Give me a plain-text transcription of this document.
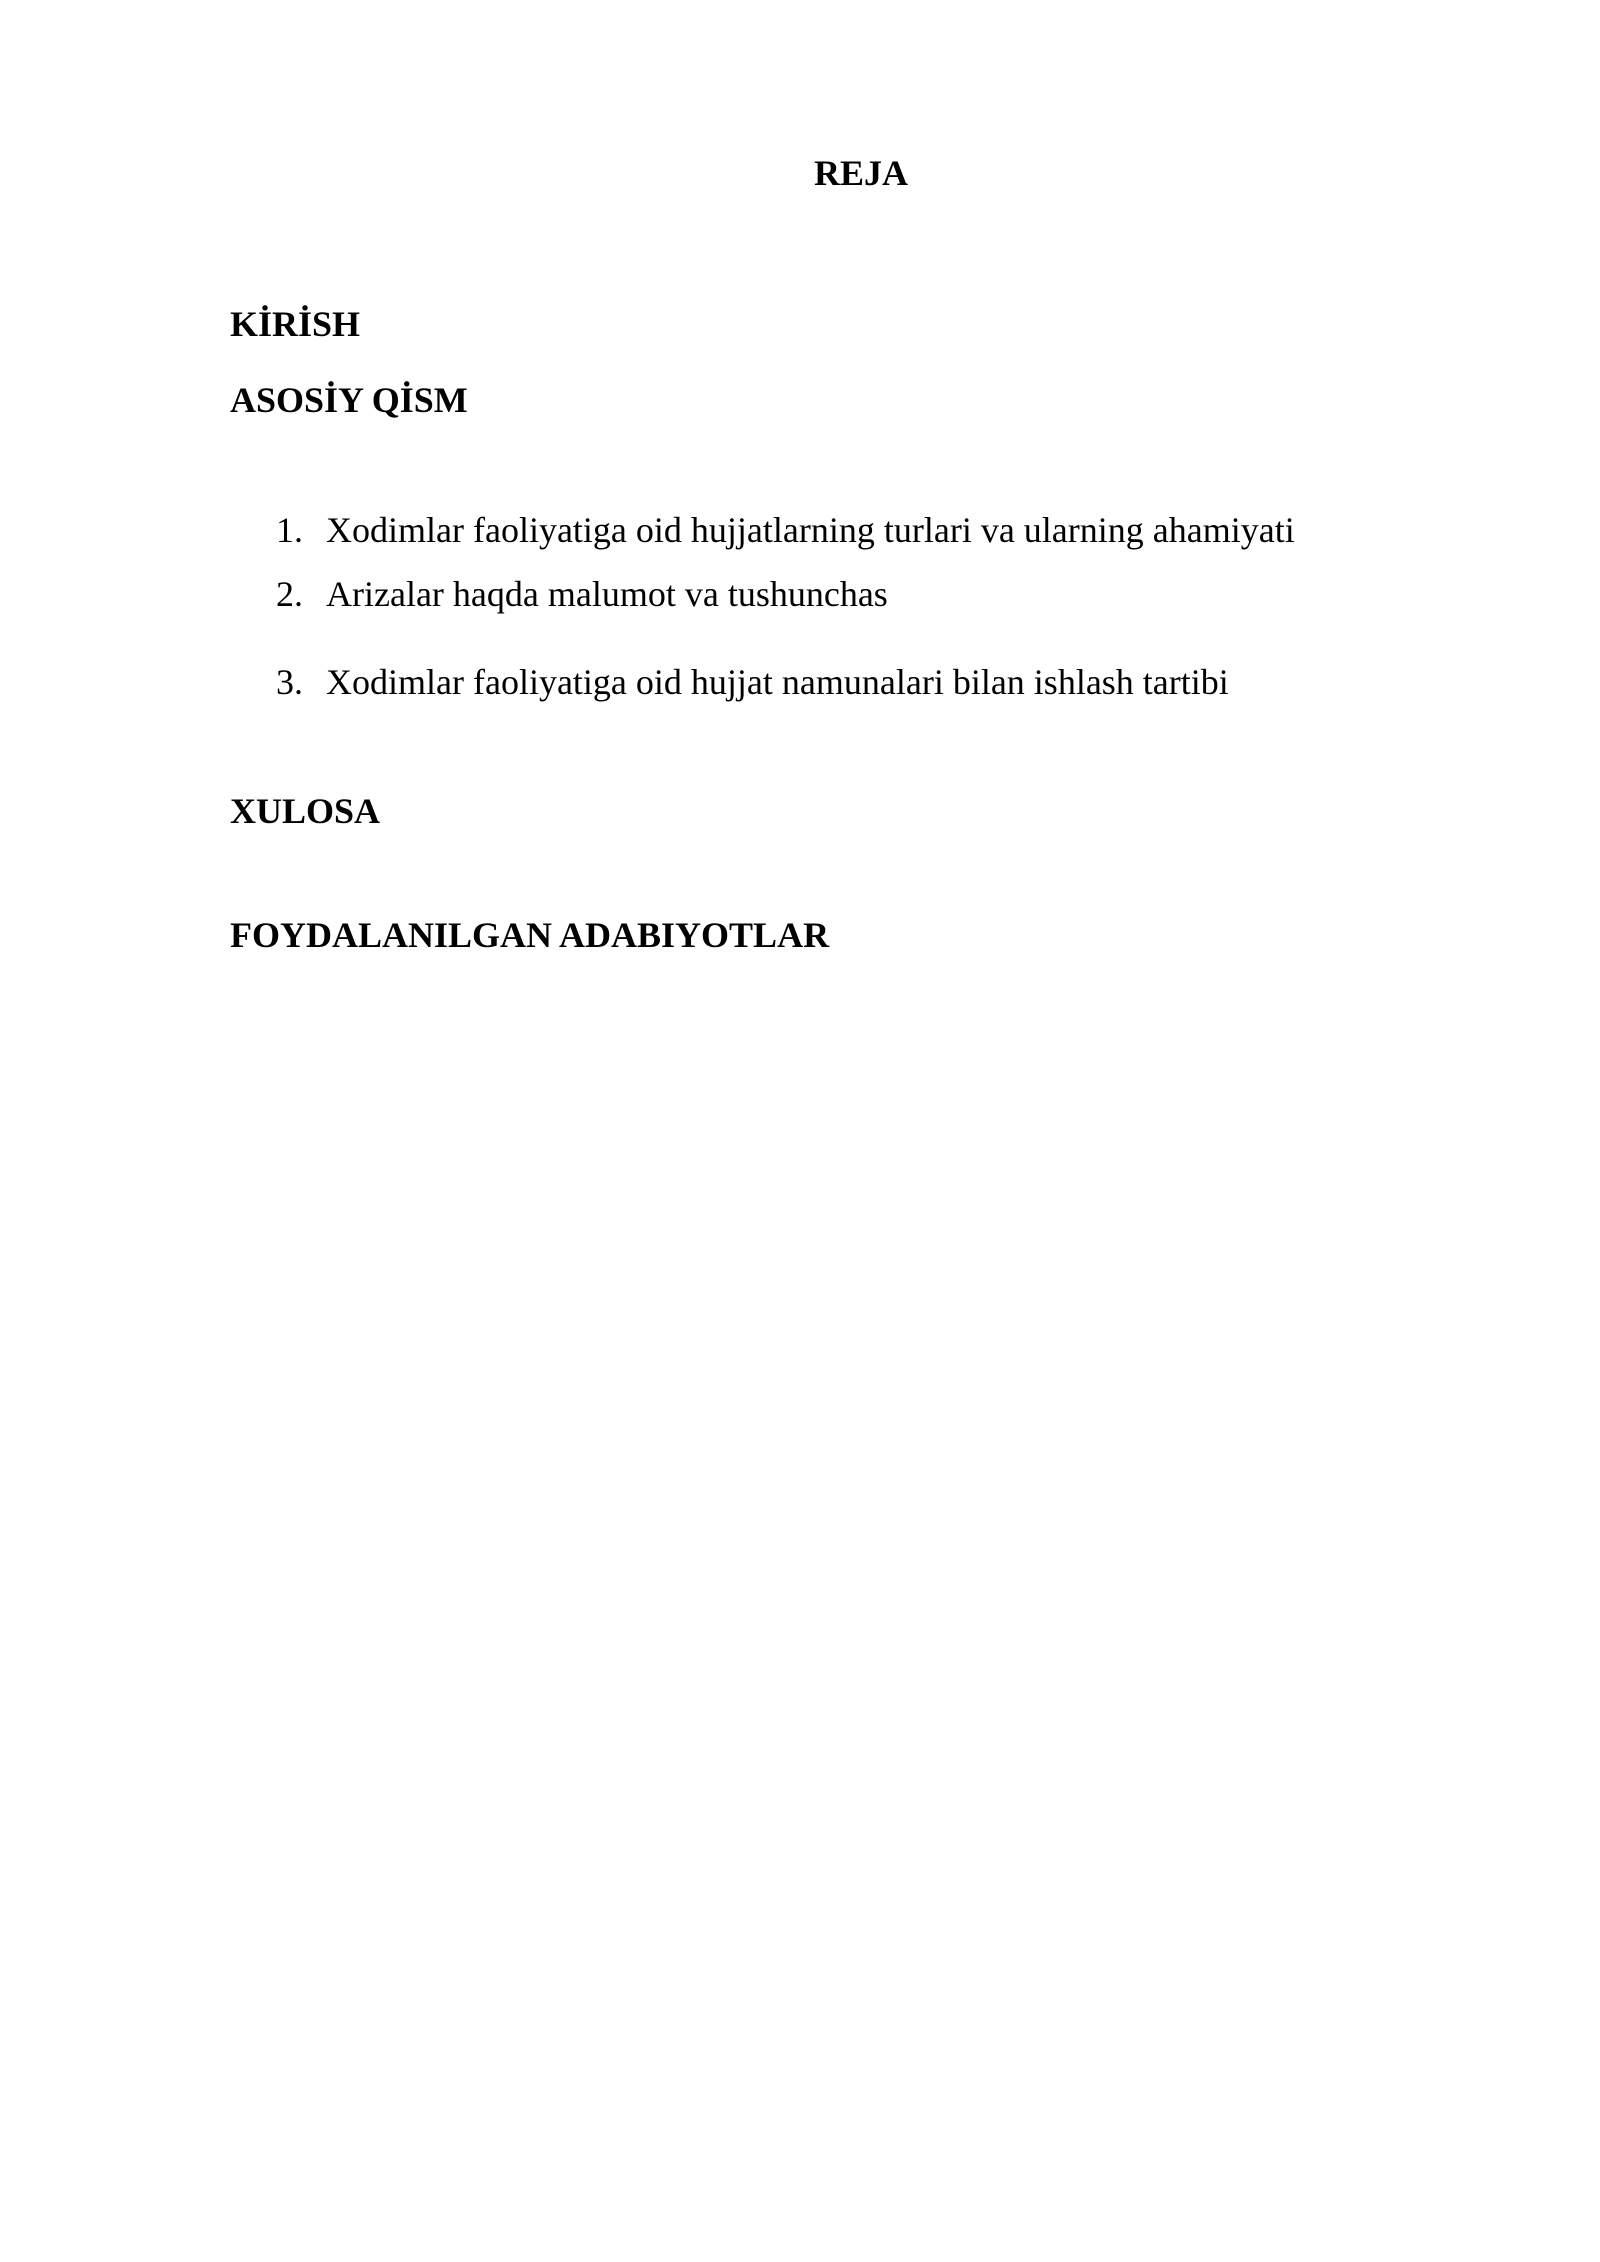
REJA
KİRİSH
ASOSİY QİSM
1. Xodimlar faoliyatiga oid hujjatlarning turlari va ularning ahamiyati
2. Arizalar haqda malumot va tushunchas
3. Xodimlar faoliyatiga oid hujjat namunalari bilan ishlash tartibi
XULOSA
FOYDALANILGAN ADABIYOTLAR
